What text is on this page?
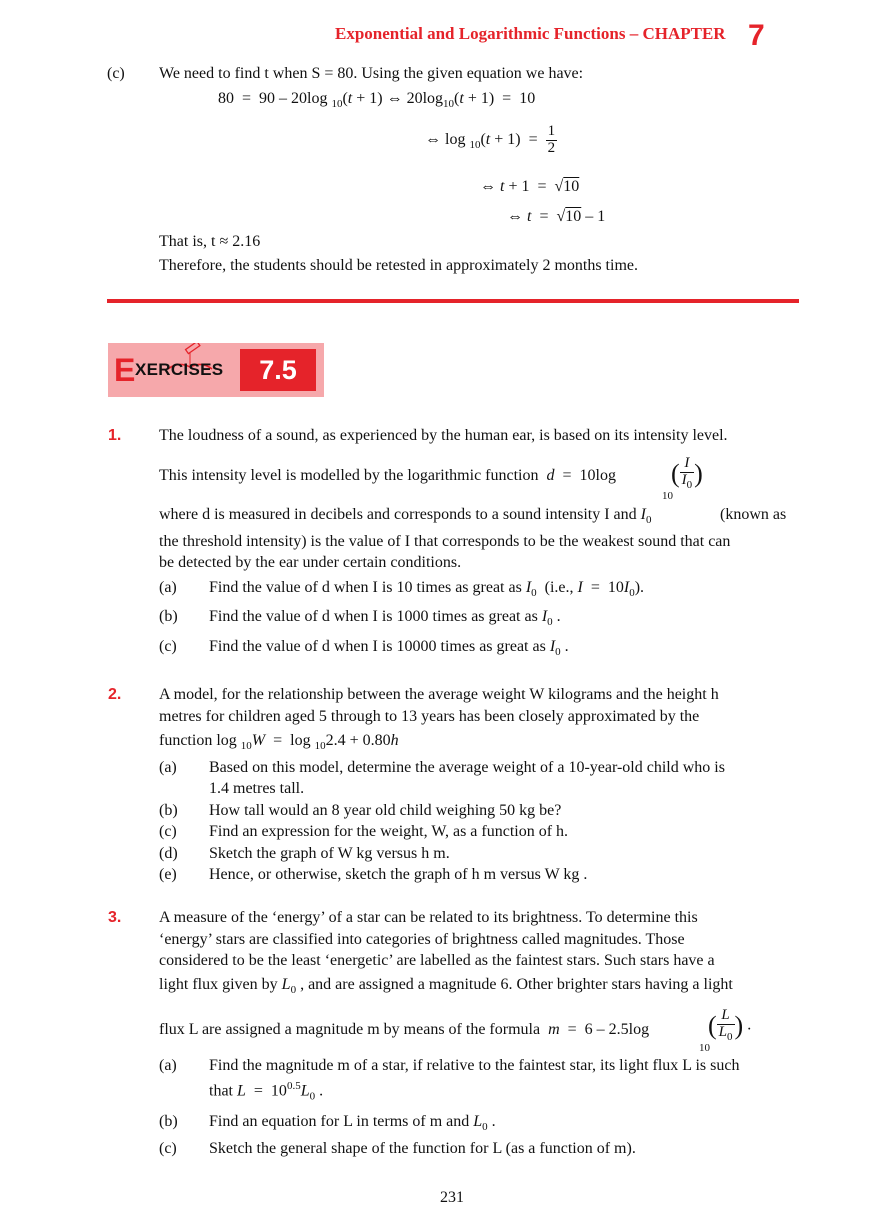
Exponential and Logarithmic Functions – CHAPTER 7
(c) We need to find t when S = 80. Using the given equation we have:
80  =  90 – 20log $_{10}$(t + 1) ⇔ $20\log_{10}(t + 1) = 10$
⇔ $\log _{10}(t + 1) = \frac{1}{2}$
⇔ t + 1  =  √10
⇔ t  =  √10 – 1
That is, t ≈ 2.16
Therefore, the students should be retested in approximately 2 months time.
E XERCISES	7.5
1. The loudness of a sound, as experienced by the human ear, is based on its intensity level.
This intensity level is modelled by the logarithmic function  d  =  10log
$_{10}( \frac{I}{I_0}$ )
where d is measured in decibels and corresponds to a sound intensity I and $I_0$	(known as
the threshold intensity) is the value of I that corresponds to be the weakest sound that can
be detected by the ear under certain conditions.
(a) Find the value of d when I is 10 times as great as $I_0$  (i.e., $I = 10I_0$).
(b) Find the value of d when I is 1000 times as great as $I_0$ .
(c) Find the value of d when I is 10000 times as great as $I_0$ .
2. A model, for the relationship between the average weight W kilograms and the height h
metres for children aged 5 through to 13 years has been closely approximated by the
function log $_{10}$W  =  log $_{10}$2.4 + 0.80h
(a) Based on this model, determine the average weight of a 10-year-old child who is
1.4 metres tall.
(b) How tall would an 8 year old child weighing 50 kg be?
(c) Find an expression for the weight, W, as a function of h.
(d) Sketch the graph of W kg versus h m.
(e) Hence, or otherwise, sketch the graph of h m versus W kg .
3. A measure of the ‘energy’ of a star can be related to its brightness. To determine this
‘energy’ stars are classified into categories of brightness called magnitudes. Those
considered to be the least ‘energetic’ are labelled as the faintest stars. Such stars have a
light flux given by $L_0$ , and are assigned a magnitude 6. Other brighter stars having a light
flux L are assigned a magnitude m by means of the formula m  =  6 – 2.5log
$_{10}( \frac{L}{L_0}$ ) .
(a) Find the magnitude m of a star, if relative to the faintest star, its light flux L is such
that $L = 10^{0.5}L_0$ .
(b) Find an equation for L in terms of m and $L_0$ .
(c) Sketch the general shape of the function for L (as a function of m).
231
